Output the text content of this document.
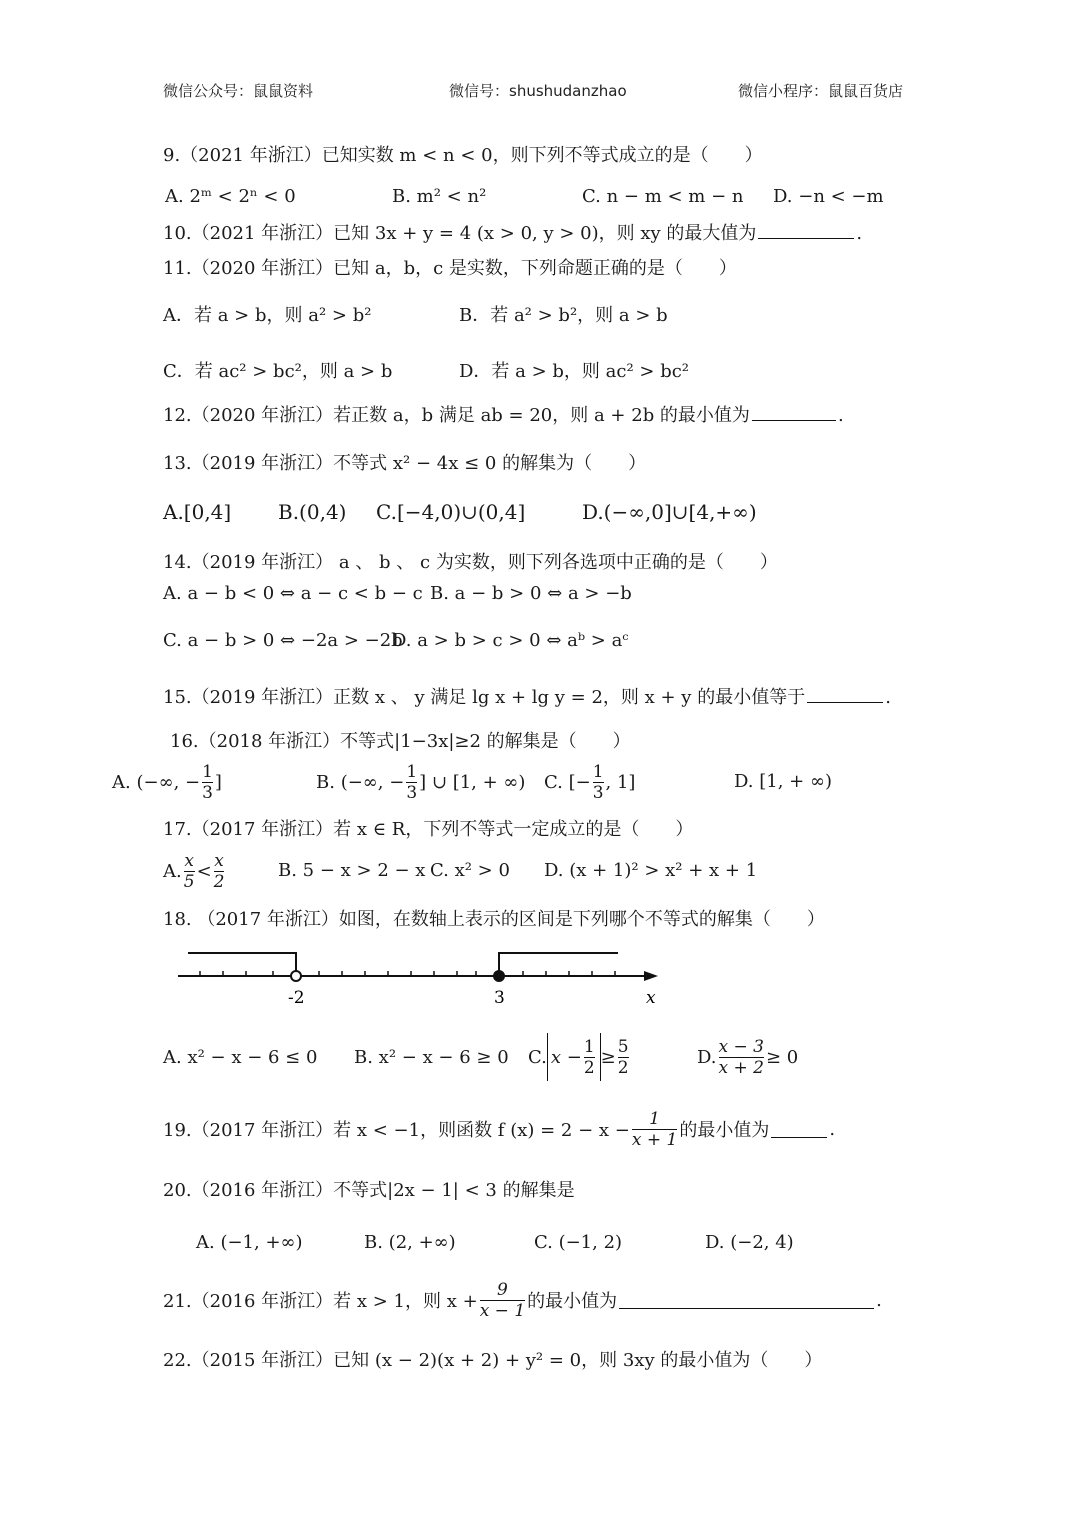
微信公众号：鼠鼠资料	微信号：shushudanzhao	微信小程序：鼠鼠百货店
9.（2021 年浙江）已知实数 m < n < 0，则下列不等式成立的是（　　）
A. 2ᵐ < 2ⁿ < 0	B. m² < n²	C. n − m < m − n D. −n < −m
10.（2021 年浙江）已知 3x + y = 4 (x > 0, y > 0)，则 xy 的最大值为	.
11.（2020 年浙江）已知 a，b，c 是实数，下列命题正确的是（　　）
A．若 a > b，则 a² > b²	B．若 a² > b²，则 a > b
C．若 ac² > bc²，则 a > b	D．若 a > b，则 ac² > bc²
12.（2020 年浙江）若正数 a，b 满足 ab = 20，则 a + 2b 的最小值为	.
13.（2019 年浙江）不等式 x² − 4x ≤ 0 的解集为（　　）
A.[0,4] B.(0,4) C.[−4,0)∪(0,4]	D.(−∞,0]∪[4,+∞)
14.（2019 年浙江） a 、 b 、 c 为实数，则下列各选项中正确的是（　　）
A. a − b < 0 ⇔ a − c < b − c B. a − b > 0 ⇔ a > −b
C. a − b > 0 ⇔ −2a > −2b
D. a > b > c > 0 ⇔ aᵇ > aᶜ
15.（2019 年浙江）正数 x 、 y 满足 lg x + lg y = 2，则 x + y 的最小值等于	.
16.（2018 年浙江）不等式|1−3x|≥2 的解集是（　　）
A.
(−∞, − $\frac{1}{3}$ ]	B.
(−∞, − $\frac{1}{3}$ ] ∪ [1, + ∞) C.
[− $\frac{1}{3}$ , 1]	D. [1, + ∞)
17.（2017 年浙江）若 x ∈ R，下列不等式一定成立的是（　　）
A. $\frac{x}{5} < \frac{x}{2}$	B. 5 − x > 2 − x C. x² > 0 D. (x + 1)² > x² + x + 1
18. （2017 年浙江）如图，在数轴上表示的区间是下列哪个不等式的解集（　　）
-2	3	x
A. x² − x − 6 ≤ 0 B. x² − x − 6 ≥ 0 C. $x - \frac{1}{2} \ge \frac{5}{2}$	D. $\frac{x - 3}{x + 2} \ge 0$
19.（2017 年浙江）若 x < −1，则函数 f $(x) = 2 - x - \frac{1}{x + 1}$ 的最小值为	.
20.（2016 年浙江）不等式|2x − 1| < 3 的解集是
A. (−1, +∞)	B. (2, +∞)	C. (−1, 2)	D. (−2, 4)
21.（2016 年浙江）若 x > 1，则 $x + \frac{9}{x - 1}$ 的最小值为	.
22.（2015 年浙江）已知 (x − 2)(x + 2) + y² = 0，则 3xy 的最小值为（　　）
